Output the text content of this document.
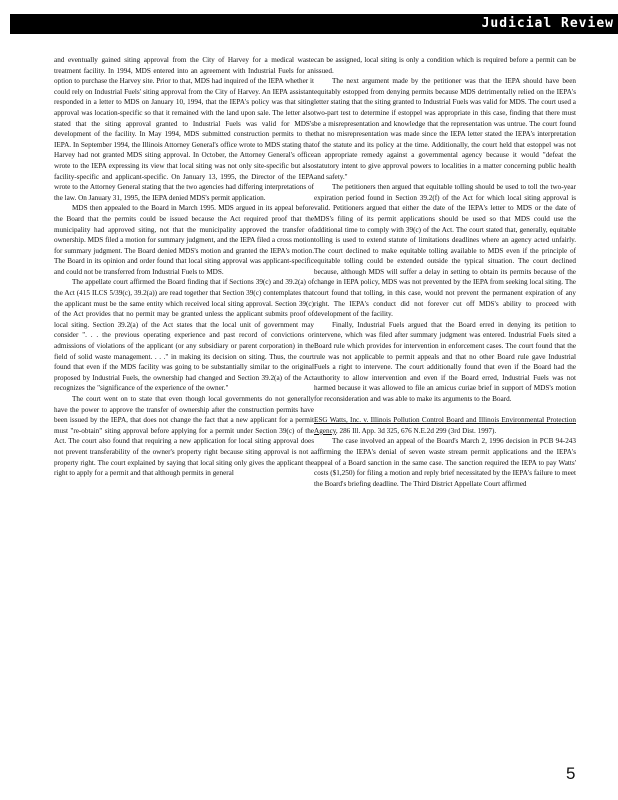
Judicial Review

and eventually gained siting approval from the City of Harvey for a medical waste treatment facility. In 1994, MDS entered into an agreement with Industrial Fuels for an option to purchase the Harvey site. Prior to that, MDS had inquired of the IEPA whether it could rely on Industrial Fuels' siting approval from the City of Harvey. An IEPA assistant responded in a letter to MDS on January 10, 1994, that the IEPA's policy was that siting approval was location-specific so that it remained with the land upon sale. The letter also stated that the siting approval granted to Industrial Fuels was valid for MDS's development of the facility. In May 1994, MDS submitted construction permits to the IEPA. In September 1994, the Illinois Attorney General's office wrote to MDS stating that Harvey had not granted MDS siting approval. In October, the Attorney General's office wrote to the IEPA expressing its view that local siting was not only site-specific but also facility-specific and applicant-specific. On January 13, 1995, the Director of the IEPA wrote to the Attorney General stating that the two agencies had differing interpretations of the law. On January 31, 1995, the IEPA denied MDS's permit application.

MDS then appealed to the Board in March 1995. MDS argued in its appeal before the Board that the permits could be issued because the Act required proof that the municipality had approved siting, not that the municipality approved the transfer of ownership. MDS filed a motion for summary judgment, and the IEPA filed a cross motion for summary judgment. The Board denied MDS's motion and granted the IEPA's motion. The Board in its opinion and order found that local siting approval was applicant-specific and could not be transferred from Industrial Fuels to MDS.

The appellate court affirmed the Board finding that if Sections 39(c) and 39.2(a) of the Act (415 ILCS 5/39(c), 39.2(a)) are read together that Section 39(c) contemplates that the applicant must be the same entity which received local siting approval. Section 39(c) of the Act provides that no permit may be granted unless the applicant submits proof of local siting. Section 39.2(a) of the Act states that the local unit of government may consider ". . . the previous operating experience and past record of convictions or admissions of violations of the applicant (or any subsidiary or parent corporation) in the field of solid waste management. . . ." in making its decision on siting. Thus, the court found that even if the MDS facility was going to be substantially similar to the original proposed by Industrial Fuels, the ownership had changed and Section 39.2(a) of the Act recognizes the "significance of the experience of the owner."

The court went on to state that even though local governments do not generally have the power to approve the transfer of ownership after the construction permits have been issued by the IEPA, that does not change the fact that a new applicant for a permit must "re-obtain" siting approval before applying for a permit under Section 39(c) of the Act. The court also found that requiring a new application for local siting approval does not prevent transferability of the owner's property right because siting approval is not a property right. The court explained by saying that local siting only gives the applicant the right to apply for a permit and that although permits in general

can be assigned, local siting is only a condition which is required before a permit can be issued.

The next argument made by the petitioner was that the IEPA should have been equitably estopped from denying permits because MDS detrimentally relied on the IEPA's letter stating that the siting granted to Industrial Fuels was valid for MDS. The court used a two-part test to determine if estoppel was appropriate in this case, finding that there must be a misrepresentation and knowledge that the representation was untrue. The court found that no misrepresentation was made since the IEPA letter stated the IEPA's interpretation of the statute and its policy at the time. Additionally, the court held that estoppel was not an appropriate remedy against a governmental agency because it would "defeat the statutory intent to give approval powers to localities in a matter concerning public health and safety."

The petitioners then argued that equitable tolling should be used to toll the two-year expiration period found in Section 39.2(f) of the Act for which local siting approval is valid. Petitioners argued that either the date of the IEPA's letter to MDS or the date of MDS's filing of its permit applications should be used so that MDS could use the additional time to comply with 39(c) of the Act. The court stated that, generally, equitable tolling is used to extend statute of limitations deadlines where an agency acted unfairly. The court declined to make equitable tolling available to MDS even if the principle of equitable tolling could be extended outside the typical situation. The court declined because, although MDS will suffer a delay in setting to obtain its permits because of the change in IEPA policy, MDS was not prevented by the IEPA from seeking local siting. The court found that tolling, in this case, would not prevent the permanent expiration of any right. The IEPA's conduct did not forever cut off MDS's ability to proceed with development of the facility.

Finally, Industrial Fuels argued that the Board erred in denying its petition to intervene, which was filed after summary judgment was entered. Industrial Fuels sited a Board rule which provides for intervention in enforcement cases. The court found that the rule was not applicable to permit appeals and that no other Board rule gave Industrial Fuels a right to intervene. The court additionally found that even if the Board had the authority to allow intervention and even if the Board erred, Industrial Fuels was not harmed because it was allowed to file an amicus curiae brief in support of MDS's motion for reconsideration and was able to make its arguments to the Board.

ESG Watts, Inc. v. Illinois Pollution Control Board and Illinois Environmental Protection Agency, 286 Ill. App. 3d 325, 676 N.E.2d 299 (3rd Dist. 1997).

The case involved an appeal of the Board's March 2, 1996 decision in PCB 94-243 affirming the IEPA's denial of seven waste stream permit applications and the IEPA's appeal of a Board sanction in the same case. The sanction required the IEPA to pay Watts' costs ($1,250) for filing a motion and reply brief necessitated by the IEPA's failure to meet the Board's briefing deadline. The Third District Appellate Court affirmed

5
